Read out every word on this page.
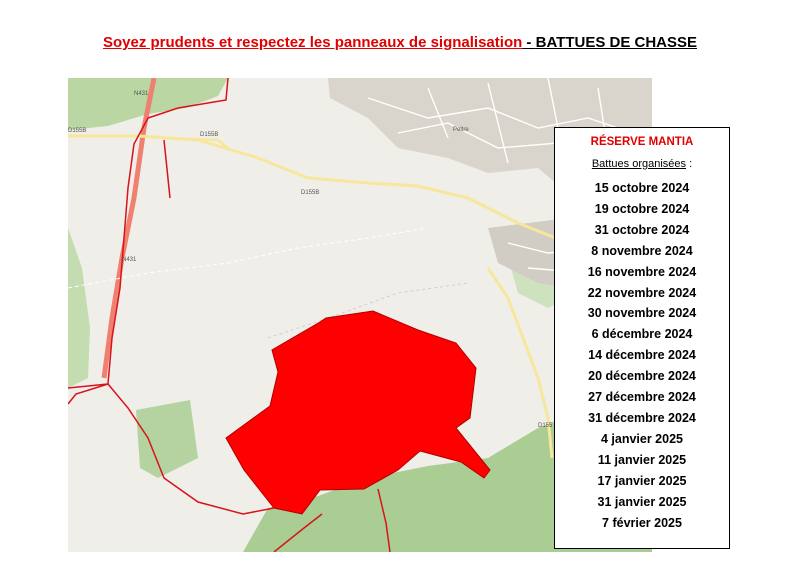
Soyez prudents et respectez les panneaux de signalisation - BATTUES DE CHASSE
N431
N431
D155B
D155B
D155B
D155
Peltre
RÉSERVE MANTIA
Battues organisées :
15 octobre 2024
19 octobre 2024
31 octobre 2024
8 novembre 2024
16 novembre 2024
22 novembre 2024
30 novembre 2024
6 décembre 2024
14 décembre 2024
20 décembre 2024
27 décembre 2024
31 décembre 2024
4 janvier 2025
11 janvier 2025
17 janvier 2025
31 janvier 2025
7 février 2025
